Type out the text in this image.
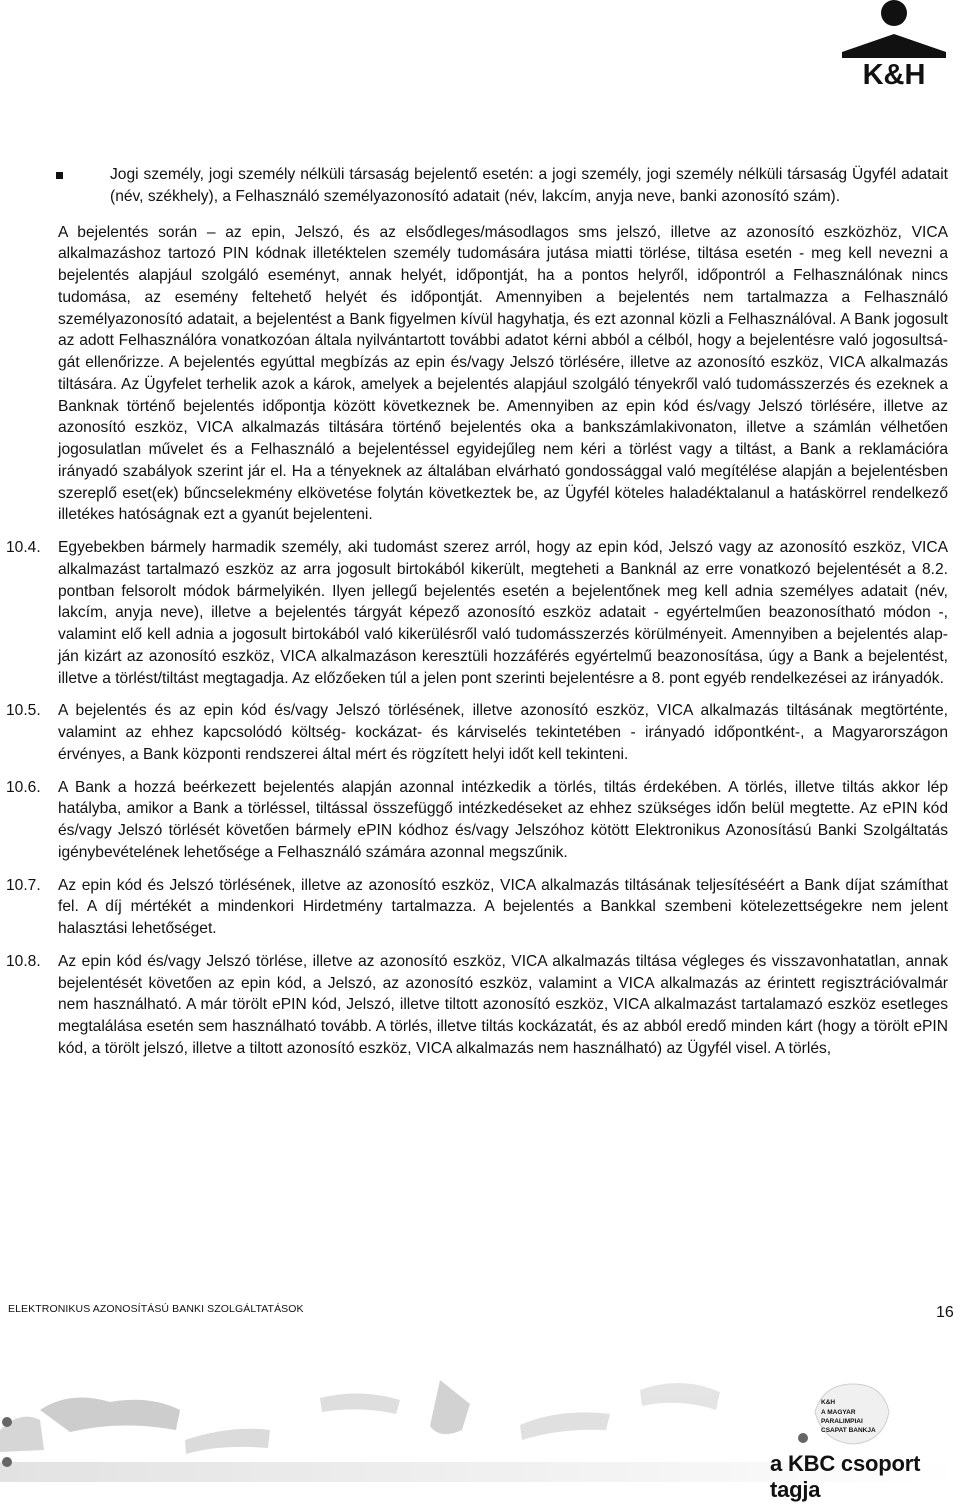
K&H

Jogi személy, jogi személy nélküli társaság bejelentő esetén: a jogi személy, jogi személy nélküli társaság Ügyfél adatait (név, székhely), a Felhasználó személyazonosító adatait (név, lakcím, anyja neve, banki azonosító szám).

A bejelentés során – az epin, Jelszó, és az elsődleges/másodlagos sms jelszó, illetve az azonosító eszközhöz, VICA alkalmazáshoz tartozó PIN kódnak illetéktelen személy tudomására jutása miatti törlése, tiltása esetén - meg kell nevezni a bejelentés alapjául szolgáló eseményt, annak helyét, időpontját, ha a pontos helyről, időpontról a Felhasználónak nincs tudomása, az esemény feltehető helyét és időpontját. Amennyiben a bejelentés nem tartalmazza a Felhasználó személyazonosító adatait, a bejelentést a Bank figyelmen kívül hagyhatja, és ezt azonnal közli a Felhasználóval. A Bank jogosult az adott Felhasználóra vonatkozóan általa nyilvántartott további adatot kérni abból a célból, hogy a bejelentésre való jogosultságát ellenőrizze. A bejelentés egyúttal megbízás az epin és/vagy Jelszó törlésére, illetve az azonosító eszköz, VICA alkalmazás tiltására. Az Ügyfelet terhelik azok a károk, amelyek a bejelentés alapjául szolgáló tényekről való tudomásszerzés és ezeknek a Banknak történő bejelentés időpontja között következnek be. Amennyiben az epin kód és/vagy Jelszó törlésére, illetve az azonosító eszköz, VICA alkalmazás tiltására történő bejelentés oka a bankszámlakivonaton, illetve a számlán vélhetően jogosulatlan művelet és a Felhasználó a bejelentéssel egyidejűleg nem kéri a törlést vagy a tiltást, a Bank a reklamációra irányadó szabályok szerint jár el. Ha a tényeknek az általában elvárható gondossággal való megítélése alapján a bejelentésben szereplő eset(ek) bűncselekmény elkövetése folytán következtek be, az Ügyfél köteles haladéktalanul a hatáskörrel rendelkező illetékes hatóságnak ezt a gyanút bejelenteni.

10.4. Egyebekben bármely harmadik személy, aki tudomást szerez arról, hogy az epin kód, Jelszó vagy az azonosító eszköz, VICA alkalmazást tartalmazó eszköz az arra jogosult birtokából kikerült, megteheti a Banknál az erre vonatkozó bejelentését a 8.2. pontban felsorolt módok bármelyikén. Ilyen jellegű bejelentés esetén a bejelentőnek meg kell adnia személyes adatait (név, lakcím, anyja neve), illetve a bejelentés tárgyát képező azonosító eszköz adatait - egyértelműen beazonosítható módon -, valamint elő kell adnia a jogosult birtokából való kikerülésről való tudomásszerzés körülményeit. Amennyiben a bejelentés alapján kizárt az azonosító eszköz, VICA alkalmazáson keresztüli hozzáférés egyértelmű beazonosítása, úgy a Bank a bejelentést, illetve a törlést/tiltást megtagadja. Az előzőeken túl a jelen pont szerinti bejelentésre a 8. pont egyéb rendelkezései az irányadók.

10.5. A bejelentés és az epin kód és/vagy Jelszó törlésének, illetve azonosító eszköz, VICA alkalmazás tiltásának megtörténte, valamint az ehhez kapcsolódó költség- kockázat- és kárviselés tekintetében - irányadó időpontként-, a Magyarországon érvényes, a Bank központi rendszerei által mért és rögzített helyi időt kell tekinteni.

10.6. A Bank a hozzá beérkezett bejelentés alapján azonnal intézkedik a törlés, tiltás érdekében. A törlés, illetve tiltás akkor lép hatályba, amikor a Bank a törléssel, tiltással összefüggő intézkedéseket az ehhez szükséges időn belül megtette. Az ePIN kód és/vagy Jelszó törlését követően bármely ePIN kódhoz és/vagy Jelszóhoz kötött Elektronikus Azonosítású Banki Szolgáltatás igénybevételének lehetősége a Felhasználó számára azonnal megszűnik.

10.7. Az epin kód és Jelszó törlésének, illetve az azonosító eszköz, VICA alkalmazás tiltásának teljesítéséért a Bank díjat számíthat fel. A díj mértékét a mindenkori Hirdetmény tartalmazza. A bejelentés a Bankkal szembeni kötelezettségekre nem jelent halasztási lehetőséget.

10.8. Az epin kód és/vagy Jelszó törlése, illetve az azonosító eszköz, VICA alkalmazás tiltása végleges és visszavonhatatlan, annak bejelentését követően az epin kód, a Jelszó, az azonosító eszköz, valamint a VICA alkalmazás az érintett regisztrációvalmár nem használható. A már törölt ePIN kód, Jelszó, illetve tiltott azonosító eszköz, VICA alkalmazást tartalamazó eszköz esetleges megtalálása esetén sem használható tovább. A törlés, illetve tiltás kockázatát, és az abból eredő minden kárt (hogy a törölt ePIN kód, a törölt jelszó, illetve a tiltott azonosító eszköz, VICA alkalmazás nem használható) az Ügyfél visel. A törlés,

ELEKTRONIKUS AZONOSÍTÁSÚ BANKI SZOLGÁLTATÁSOK	16
K&H
A MAGYAR
PARALIMPIAI
CSAPAT BANKJA
a KBC csoport tagja
